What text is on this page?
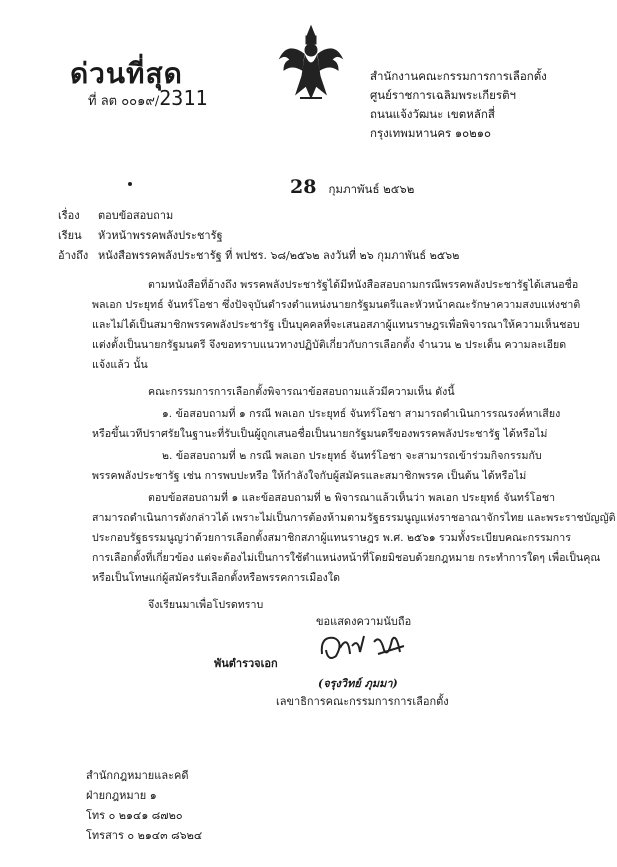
ด่วนที่สุด
ที่ ลต ๐๐๑๙/2311
สำนักงานคณะกรรมการการเลือกตั้ง
ศูนย์ราชการเฉลิมพระเกียรติฯ
ถนนแจ้งวัฒนะ เขตหลักสี่
กรุงเทพมหานคร ๑๐๒๑๐
28 กุมภาพันธ์ ๒๕๖๒
เรื่อง ตอบข้อสอบถาม
เรียน หัวหน้าพรรคพลังประชารัฐ
อ้างถึง หนังสือพรรคพลังประชารัฐ ที่ พปชร. ๖๘/๒๕๖๒ ลงวันที่ ๒๖ กุมภาพันธ์ ๒๕๖๒
ตามหนังสือที่อ้างถึง พรรคพลังประชารัฐได้มีหนังสือสอบถามกรณีพรรคพลังประชารัฐได้เสนอชื่อ
พลเอก ประยุทธ์ จันทร์โอชา ซึ่งปัจจุบันดำรงตำแหน่งนายกรัฐมนตรีและหัวหน้าคณะรักษาความสงบแห่งชาติ
และไม่ได้เป็นสมาชิกพรรคพลังประชารัฐ เป็นบุคคลที่จะเสนอสภาผู้แทนราษฎรเพื่อพิจารณาให้ความเห็นชอบ
แต่งตั้งเป็นนายกรัฐมนตรี จึงขอทราบแนวทางปฏิบัติเกี่ยวกับการเลือกตั้ง จำนวน ๒ ประเด็น ความละเอียด
แจ้งแล้ว นั้น
คณะกรรมการการเลือกตั้งพิจารณาข้อสอบถามแล้วมีความเห็น ดังนี้
๑. ข้อสอบถามที่ ๑ กรณี พลเอก ประยุทธ์ จันทร์โอชา สามารถดำเนินการรณรงค์หาเสียง
หรือขึ้นเวทีปราศรัยในฐานะที่รับเป็นผู้ถูกเสนอชื่อเป็นนายกรัฐมนตรีของพรรคพลังประชารัฐ ได้หรือไม่
๒. ข้อสอบถามที่ ๒ กรณี พลเอก ประยุทธ์ จันทร์โอชา จะสามารถเข้าร่วมกิจกรรมกับ
พรรคพลังประชารัฐ เช่น การพบปะหรือ ให้กำลังใจกับผู้สมัครและสมาชิกพรรค เป็นต้น ได้หรือไม่
ตอบข้อสอบถามที่ ๑ และข้อสอบถามที่ ๒ พิจารณาแล้วเห็นว่า พลเอก ประยุทธ์ จันทร์โอชา
สามารถดำเนินการดังกล่าวได้ เพราะไม่เป็นการต้องห้ามตามรัฐธรรมนูญแห่งราชอาณาจักรไทย และพระราชบัญญัติ
ประกอบรัฐธรรมนูญว่าด้วยการเลือกตั้งสมาชิกสภาผู้แทนราษฎร พ.ศ. ๒๕๖๑ รวมทั้งระเบียบคณะกรรมการ
การเลือกตั้งที่เกี่ยวข้อง แต่จะต้องไม่เป็นการใช้ตำแหน่งหน้าที่โดยมิชอบด้วยกฎหมาย กระทำการใดๆ เพื่อเป็นคุณ
หรือเป็นโทษแก่ผู้สมัครรับเลือกตั้งหรือพรรคการเมืองใด
จึงเรียนมาเพื่อโปรดทราบ
ขอแสดงความนับถือ
พันตำรวจเอก
(จรุงวิทย์ ภุมมา)
เลขาธิการคณะกรรมการการเลือกตั้ง
สำนักกฎหมายและคดี
ฝ่ายกฎหมาย ๑
โทร ๐ ๒๑๔๑ ๘๗๒๐
โทรสาร ๐ ๒๑๔๓ ๘๖๒๔
